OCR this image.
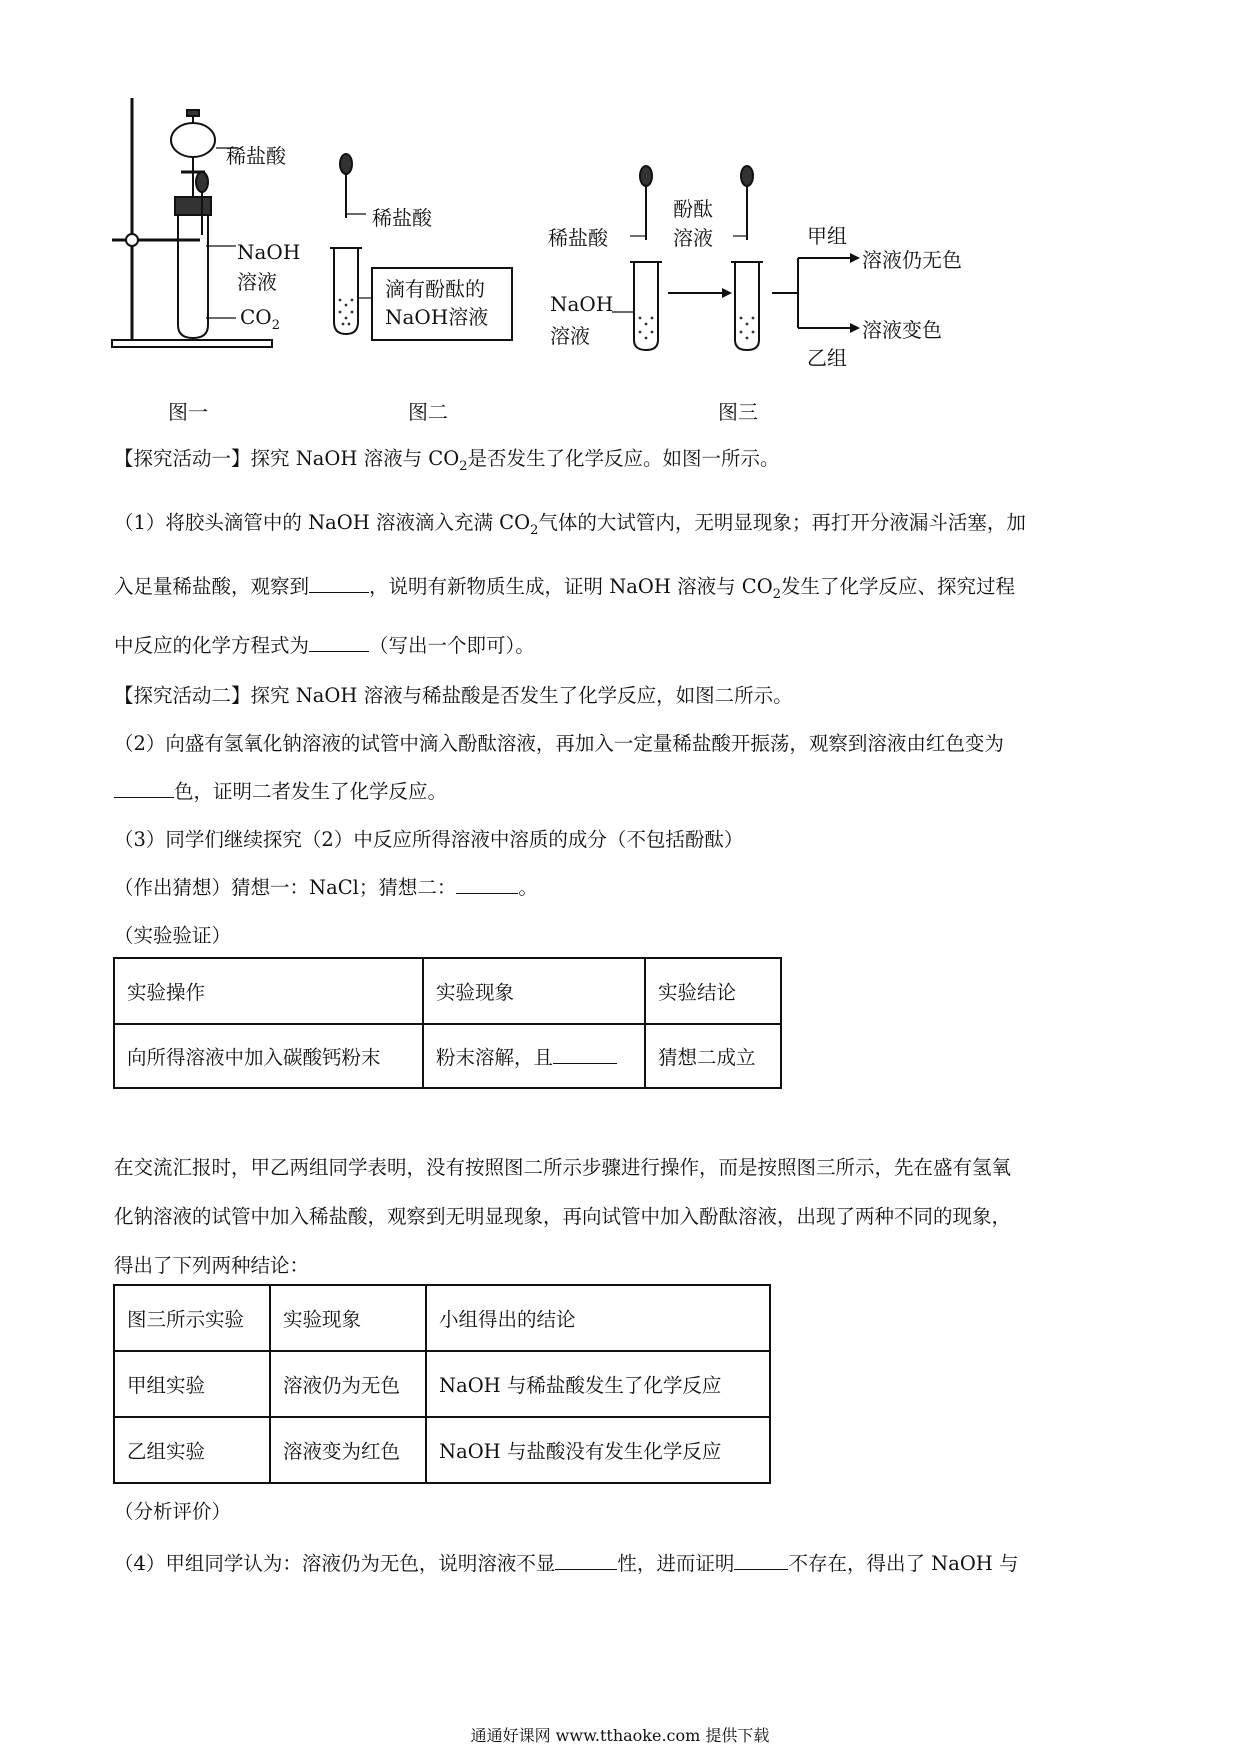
稀盐酸
NaOH
溶液
$CO_2$
稀盐酸
滴有酚酞的
NaOH溶液
稀盐酸
酚酞
溶液
NaOH
溶液
甲组
溶液仍无色
溶液变色
乙组
图一	图二	图三
【探究活动一】探究 NaOH 溶液与 $CO_2$是否发生了化学反应。如图一所示。
（1）将胶头滴管中的 NaOH 溶液滴入充满 $CO_2$气体的大试管内，无明显现象；再打开分液漏斗活塞，加
入足量稀盐酸，观察到	，说明有新物质生成，证明 NaOH 溶液与 $CO_2$发生了化学反应、探究过程
中反应的化学方程式为	（写出一个即可）。
【探究活动二】探究 NaOH 溶液与稀盐酸是否发生了化学反应，如图二所示。
（2）向盛有氢氧化钠溶液的试管中滴入酚酞溶液，再加入一定量稀盐酸开振荡，观察到溶液由红色变为
色，证明二者发生了化学反应。
（3）同学们继续探究（2）中反应所得溶液中溶质的成分（不包括酚酞）
（作出猜想）猜想一：NaCl；猜想二：	。
（实验验证）
实验操作	实验现象	实验结论
向所得溶液中加入碳酸钙粉末	粉末溶解，且	猜想二成立
在交流汇报时，甲乙两组同学表明，没有按照图二所示步骤进行操作，而是按照图三所示，先在盛有氢氧
化钠溶液的试管中加入稀盐酸，观察到无明显现象，再向试管中加入酚酞溶液，出现了两种不同的现象，
得出了下列两种结论：
图三所示实验	实验现象	小组得出的结论
甲组实验	溶液仍为无色	NaOH 与稀盐酸发生了化学反应
乙组实验	溶液变为红色	NaOH 与盐酸没有发生化学反应
（分析评价）
（4）甲组同学认为：溶液仍为无色，说明溶液不显	性，进而证明	不存在，得出了 NaOH 与
通通好课网 www.tthaoke.com 提供下载
